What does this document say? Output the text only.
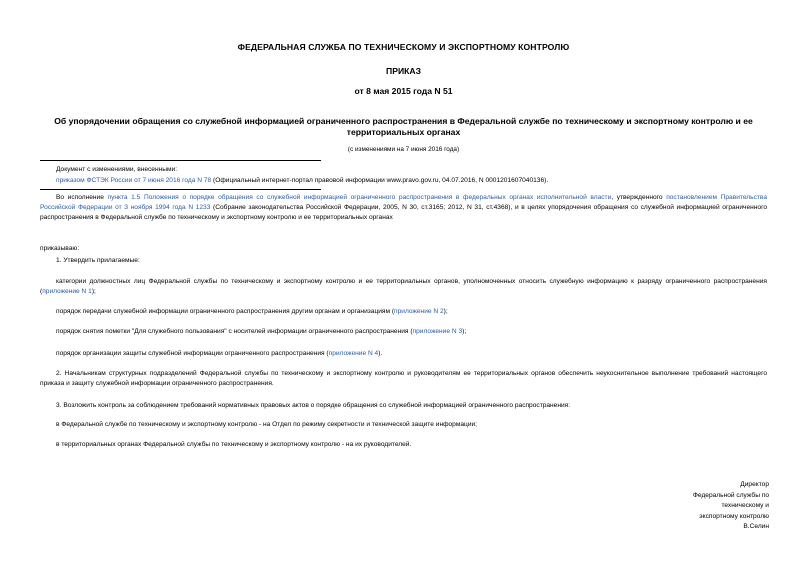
ФЕДЕРАЛЬНАЯ СЛУЖБА ПО ТЕХНИЧЕСКОМУ И ЭКСПОРТНОМУ КОНТРОЛЮ
ПРИКАЗ
от 8 мая 2015 года N 51
Об упорядочении обращения со служебной информацией ограниченного распространения в Федеральной службе по техническому и экспортному контролю и ее территориальных органах
(с изменениями на 7 июня 2016 года)
Документ с изменениями, внесенными:
приказом ФСТЭК России от 7 июня 2016 года N 78 (Официальный интернет-портал правовой информации www.pravo.gov.ru, 04.07.2016, N 0001201607040136).
Во исполнение пункта 1.5 Положения о порядке обращения со служебной информацией ограниченного распространения в федеральных органах исполнительной власти, утвержденного постановлением Правительства Российской Федерации от 3 ноября 1994 года N 1233 (Собрание законодательства Российской Федерации, 2005, N 30, ст.3165; 2012, N 31, ст.4368), и в целях упорядочения обращения со служебной информацией ограниченного распространения в Федеральной службе по техническому и экспортному контролю и ее территориальных органах
приказываю:
1. Утвердить прилагаемые:
категории должностных лиц Федеральной службы по техническому и экспортному контролю и ее территориальных органов, уполномоченных относить служебную информацию к разряду ограниченного распространения (приложение N 1);
порядок передачи служебной информации ограниченного распространения другим органам и организациям (приложение N 2);
порядок снятия пометки "Для служебного пользования" с носителей информации ограниченного распространения (приложение N 3);
порядок организации защиты служебной информации ограниченного распространения (приложение N 4).
2. Начальникам структурных подразделений Федеральной службы по техническому и экспортному контролю и руководителям ее территориальных органов обеспечить неукоснительное выполнение требований настоящего приказа и защиту служебной информации ограниченного распространения.
3. Возложить контроль за соблюдением требований нормативных правовых актов о порядке обращения со служебной информацией ограниченного распространения:
в Федеральной службе по техническому и экспортному контролю - на Отдел по режиму секретности и технической защите информации;
в территориальных органах Федеральной службы по техническому и экспортному контролю - на их руководителей.
Директор
Федеральной службы по
техническому и
экспортному контролю
В.Селин
